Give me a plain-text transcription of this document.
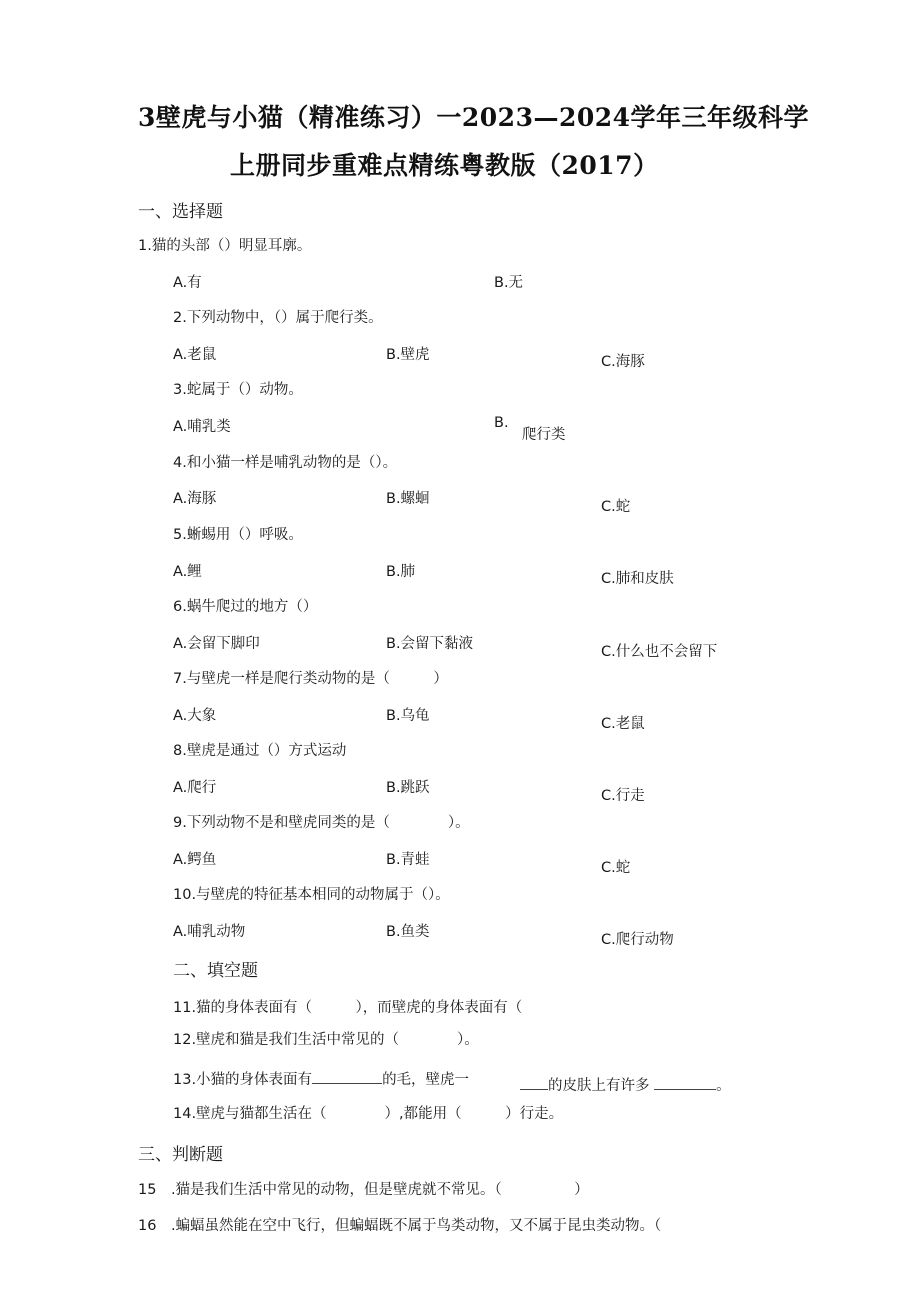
3壁虎与小猫（精准练习）一2023—2024学年三年级科学
上册同步重难点精练粤教版（2017）
一、选择题
1.猫的头部（）明显耳廓。
A.有	B.无
2.下列动物中，（）属于爬行类。
A.老鼠	B.壁虎	C.海豚
3.蛇属于（）动物。
A.哺乳类	B.
爬行类
4.和小猫一样是哺乳动物的是（）。
A.海豚	B.螺蛔	C.蛇
5.蜥蜴用（）呼吸。
A.鲤	B.肺	C.肺和皮肤
6.蜗牛爬过的地方（）
A.会留下脚印	B.会留下黏液	C.什么也不会留下
7.与壁虎一样是爬行类动物的是（　　　）
A.大象	B.乌龟	C.老鼠
8.壁虎是通过（）方式运动
A.爬行	B.跳跃	C.行走
9.下列动物不是和壁虎同类的是（　　　　）。
A.鳄鱼	B.青蛙	C.蛇
10.与壁虎的特征基本相同的动物属于（）。
A.哺乳动物	B.鱼类	C.爬行动物
二、填空题
11.猫的身体表面有（　　　），而壁虎的身体表面有（
12.壁虎和猫是我们生活中常见的（　　　　）。
13.小猫的身体表面有	的毛，壁虎一	的皮肤上有许多	。
14.壁虎与猫都生活在（　　　　）,都能用（　　　）行走。
三、判断题
15　.猫是我们生活中常见的动物，但是壁虎就不常见。（　　　　　）
16　.蝙蝠虽然能在空中飞行，但蝙蝠既不属于鸟类动物，又不属于昆虫类动物。（
